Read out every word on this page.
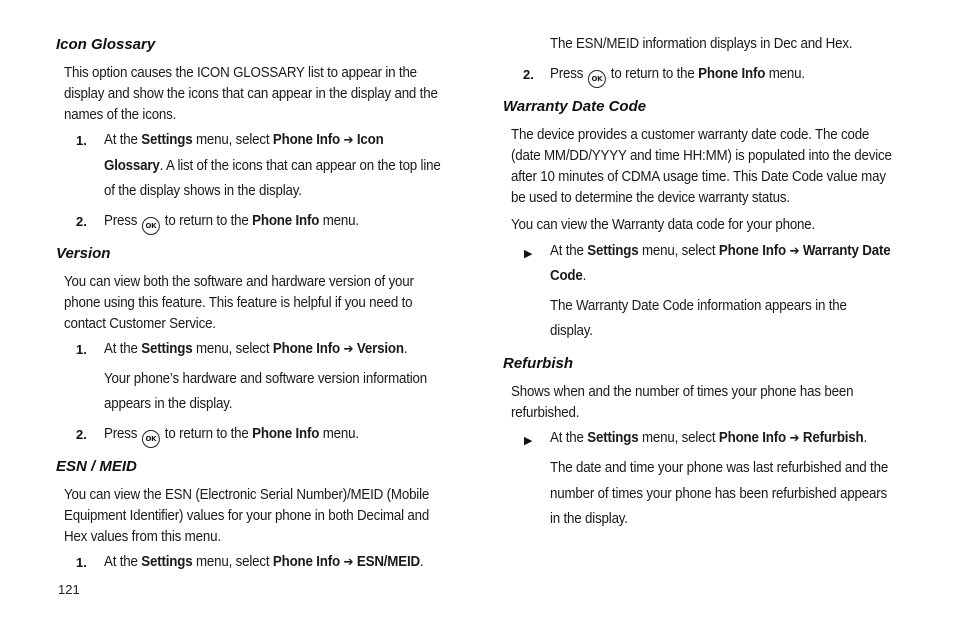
Icon Glossary
This option causes the ICON GLOSSARY list to appear in the
display and show the icons that can appear in the display and the
names of the icons.
1. At the Settings menu, select Phone Info ➔ Icon
Glossary. A list of the icons that can appear on the top line
of the display shows in the display.
2. Press OK to return to the Phone Info menu.
Version
You can view both the software and hardware version of your
phone using this feature. This feature is helpful if you need to
contact Customer Service.
1. At the Settings menu, select Phone Info ➔ Version.
Your phone’s hardware and software version information
appears in the display.
2. Press OK to return to the Phone Info menu.
ESN / MEID
You can view the ESN (Electronic Serial Number)/MEID (Mobile
Equipment Identifier) values for your phone in both Decimal and
Hex values from this menu.
1. At the Settings menu, select Phone Info ➔ ESN/MEID.
121
The ESN/MEID information displays in Dec and Hex.
2. Press OK to return to the Phone Info menu.
Warranty Date Code
The device provides a customer warranty date code. The code
(date MM/DD/YYYY and time HH:MM) is populated into the device
after 10 minutes of CDMA usage time. This Date Code value may
be used to determine the device warranty status.
You can view the Warranty data code for your phone.
▶ At the Settings menu, select Phone Info ➔ Warranty Date
Code.
The Warranty Date Code information appears in the
display.
Refurbish
Shows when and the number of times your phone has been
refurbished.
▶ At the Settings menu, select Phone Info ➔ Refurbish.
The date and time your phone was last refurbished and the
number of times your phone has been refurbished appears
in the display.
